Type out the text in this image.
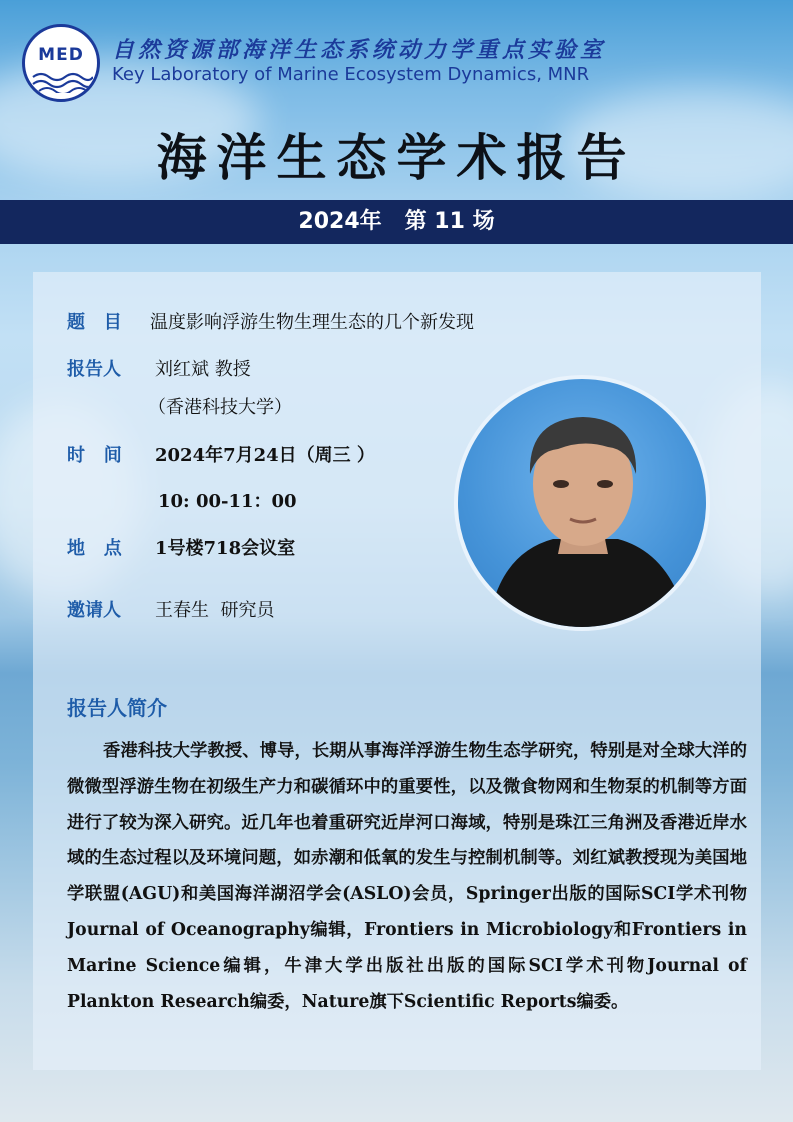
MED	自然资源部海洋生态系统动力学重点实验室
Key Laboratory of Marine Ecosystem Dynamics, MNR
海洋生态学术报告
2024年   第 11 场
题   目 温度影响浮游生物生理生态的几个新发现
报告人 刘红斌 教授
（香港科技大学）
时   间 2024年7月24日（周三 ）
10: 00-11：00
地   点 1号楼718会议室
邀请人 王春生  研究员
报告人简介
香港科技大学教授、博导，长期从事海洋浮游生物生态学研究，特别是对全球大洋的微微型浮游生物在初级生产力和碳循环中的重要性，以及微食物网和生物泵的机制等方面进行了较为深入研究。近几年也着重研究近岸河口海域，特别是珠江三角洲及香港近岸水域的生态过程以及环境问题，如赤潮和低氧的发生与控制机制等。刘红斌教授现为美国地学联盟(AGU)和美国海洋湖沼学会(ASLO)会员，Springer出版的国际SCI学术刊物Journal of Oceanography编辑，Frontiers in Microbiology和Frontiers in Marine Science编辑，牛津大学出版社出版的国际SCI学术刊物Journal of Plankton Research编委，Nature旗下Scientific Reports编委。
